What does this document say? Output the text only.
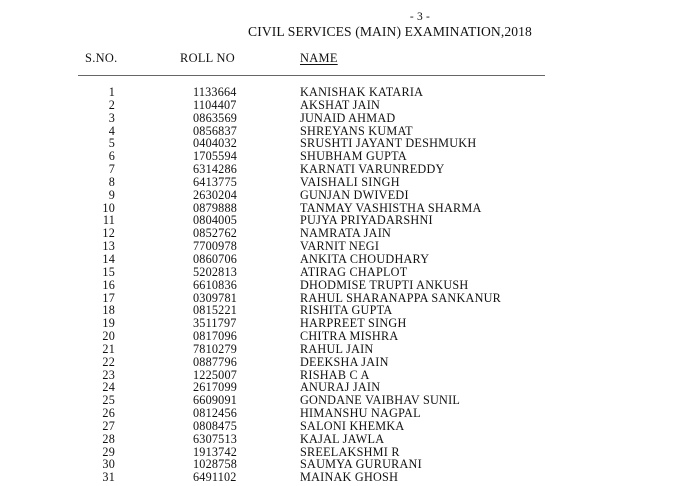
- 3 -
CIVIL SERVICES (MAIN) EXAMINATION,2018
S.NO.	ROLL NO	NAME
1	1133664	KANISHAK KATARIA
2	1104407	AKSHAT JAIN
3	0863569	JUNAID AHMAD
4	0856837	SHREYANS KUMAT
5	0404032	SRUSHTI JAYANT DESHMUKH
6	1705594	SHUBHAM GUPTA
7	6314286	KARNATI VARUNREDDY
8	6413775	VAISHALI SINGH
9	2630204	GUNJAN DWIVEDI
10	0879888	TANMAY VASHISTHA SHARMA
11	0804005	PUJYA PRIYADARSHNI
12	0852762	NAMRATA JAIN
13	7700978	VARNIT NEGI
14	0860706	ANKITA CHOUDHARY
15	5202813	ATIRAG CHAPLOT
16	6610836	DHODMISE TRUPTI ANKUSH
17	0309781	RAHUL SHARANAPPA SANKANUR
18	0815221	RISHITA GUPTA
19	3511797	HARPREET SINGH
20	0817096	CHITRA MISHRA
21	7810279	RAHUL JAIN
22	0887796	DEEKSHA JAIN
23	1225007	RISHAB C A
24	2617099	ANURAJ JAIN
25	6609091	GONDANE VAIBHAV SUNIL
26	0812456	HIMANSHU NAGPAL
27	0808475	SALONI KHEMKA
28	6307513	KAJAL JAWLA
29	1913742	SREELAKSHMI R
30	1028758	SAUMYA GURURANI
31	6491102	MAINAK GHOSH
